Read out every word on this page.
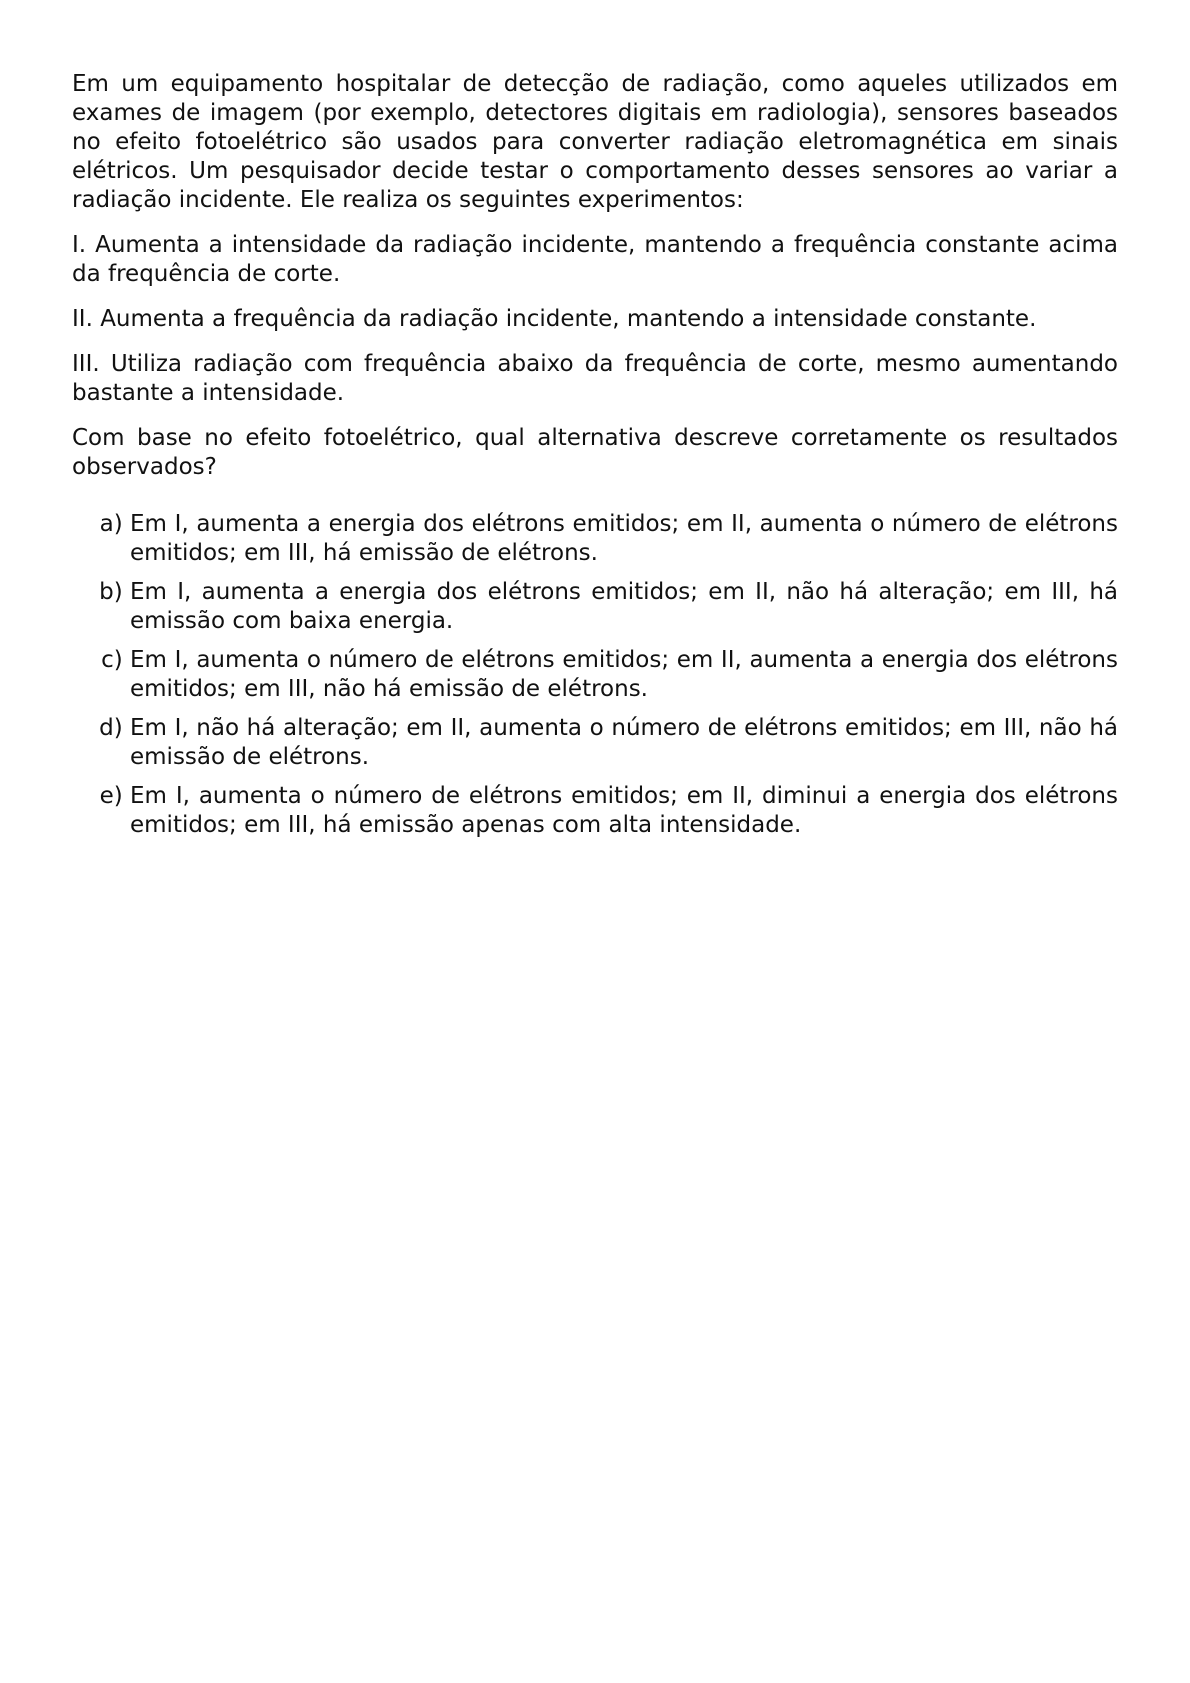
Em um equipamento hospitalar de detecção de radiação, como aqueles utilizados em exames de imagem (por exemplo, detectores digitais em radiologia), sensores baseados no efeito fotoelétrico são usados para converter radiação eletromagnética em sinais elétricos. Um pesquisador decide testar o comportamento desses sensores ao variar a radiação incidente. Ele realiza os seguintes experimentos:

I. Aumenta a intensidade da radiação incidente, mantendo a frequência constante acima da frequência de corte.

II. Aumenta a frequência da radiação incidente, mantendo a intensidade constante.

III. Utiliza radiação com frequência abaixo da frequência de corte, mesmo aumentando bastante a intensidade.

Com base no efeito fotoelétrico, qual alternativa descreve corretamente os resultados observados?

a) Em I, aumenta a energia dos elétrons emitidos; em II, aumenta o número de elétrons emitidos; em III, há emissão de elétrons.
b) Em I, aumenta a energia dos elétrons emitidos; em II, não há alteração; em III, há emissão com baixa energia.
c) Em I, aumenta o número de elétrons emitidos; em II, aumenta a energia dos elétrons emitidos; em III, não há emissão de elétrons.
d) Em I, não há alteração; em II, aumenta o número de elétrons emitidos; em III, não há emissão de elétrons.
e) Em I, aumenta o número de elétrons emitidos; em II, diminui a energia dos elétrons emitidos; em III, há emissão apenas com alta intensidade.
